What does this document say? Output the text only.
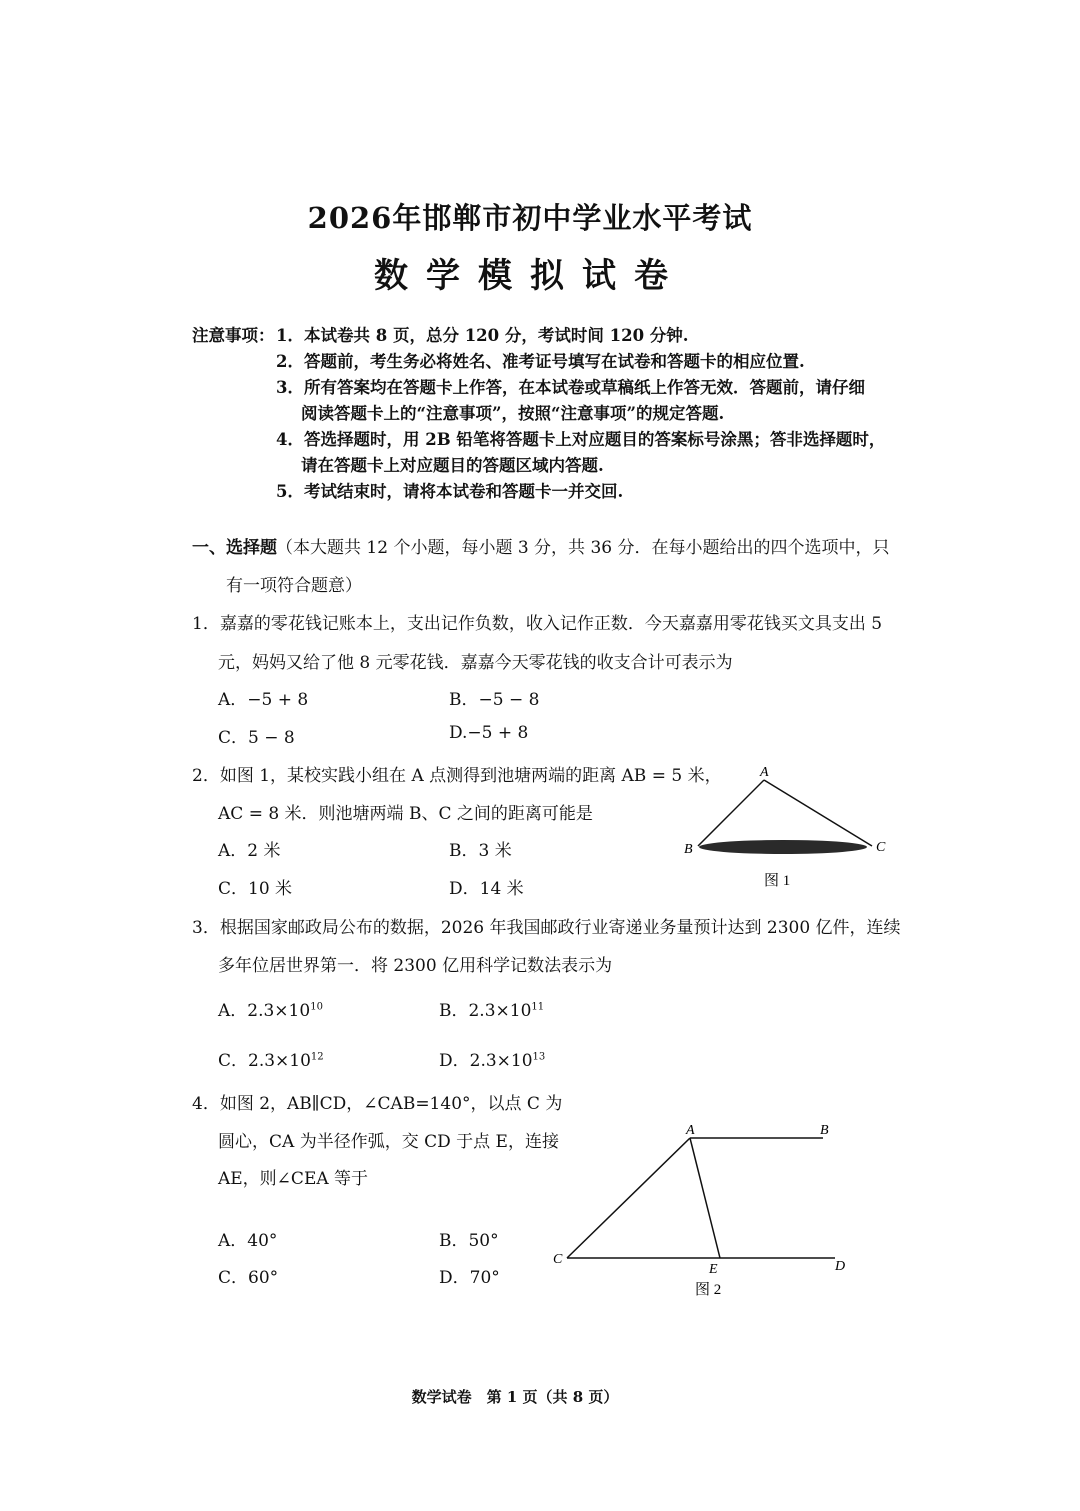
2026年邯郸市初中学业水平考试
数学模拟试卷
注意事项： 1．本试卷共 8 页，总分 120 分，考试时间 120 分钟.
2．答题前，考生务必将姓名、准考证号填写在试卷和答题卡的相应位置.
3．所有答案均在答题卡上作答，在本试卷或草稿纸上作答无效．答题前，请仔细
阅读答题卡上的“注意事项”，按照“注意事项”的规定答题.
4．答选择题时，用 2B 铅笔将答题卡上对应题目的答案标号涂黑；答非选择题时，
请在答题卡上对应题目的答题区域内答题.
5．考试结束时，请将本试卷和答题卡一并交回.
一、选择题 （本大题共 12 个小题，每小题 3 分，共 36 分．在每小题给出的四个选项中，只
有一项符合题意）
1．嘉嘉的零花钱记账本上，支出记作负数，收入记作正数．今天嘉嘉用零花钱买文具支出 5
元，妈妈又给了他 8 元零花钱．嘉嘉今天零花钱的收支合计可表示为
A．−5 + 8	B．−5 − 8
C．5 − 8	D.−5 + 8
2．如图 1，某校实践小组在 A 点测得到池塘两端的距离 AB = 5 米，
AC = 8 米．则池塘两端 B、C 之间的距离可能是
A．2 米	B．3 米
C．10 米	D．14 米
A
B	C
图 1
3．根据国家邮政局公布的数据，2026 年我国邮政行业寄递业务量预计达到 2300 亿件，连续
多年位居世界第一．将 2300 亿用科学记数法表示为
A．$2.3\times 10^{10}$	B．$2.3\times 10^{11}$
C．$2.3\times 10^{12}$	D．$2.3\times 10^{13}$
4．如图 2，AB∥CD，∠CAB=140°，以点 C 为
圆心，CA 为半径作弧，交 CD 于点 E，连接
AE，则∠CEA 等于
A．40°	B．50°
C．60°	D．70°
A	B
C	D
E
图 2
数学试卷　第 1 页（共 8 页）
